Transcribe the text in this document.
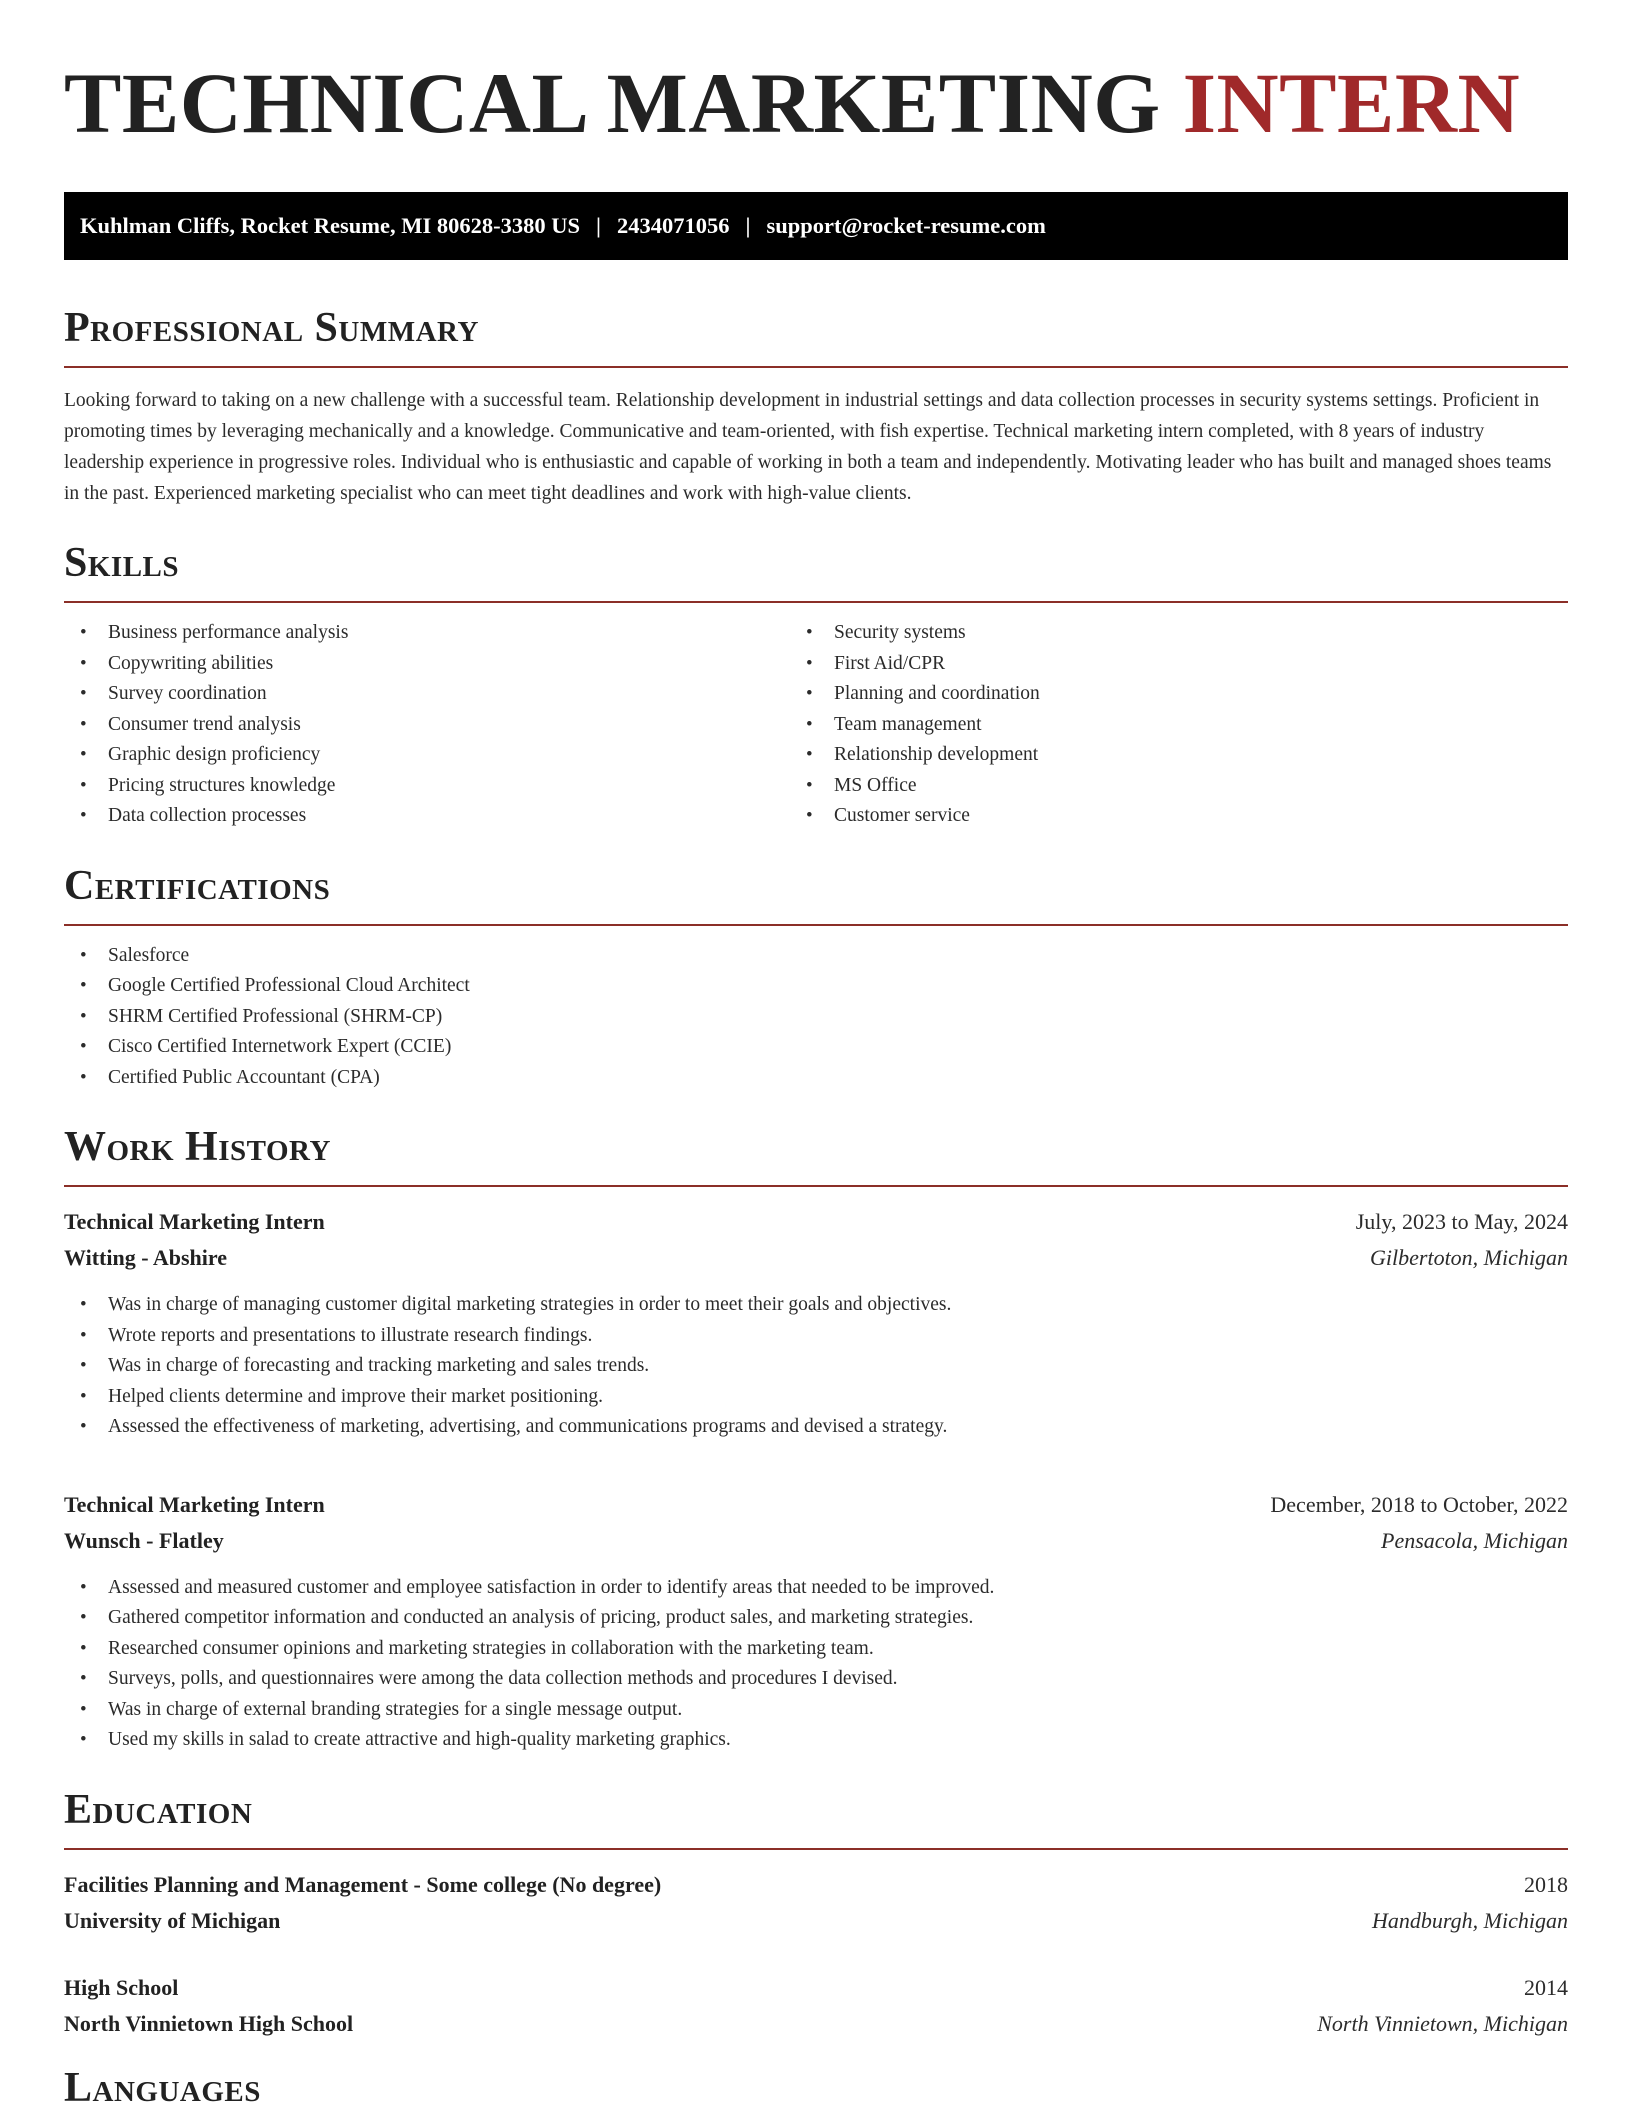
TECHNICAL MARKETING INTERN
Kuhlman Cliffs, Rocket Resume, MI 80628-3380 US | 2434071056 | support@rocket-resume.com
Professional Summary

Looking forward to taking on a new challenge with a successful team. Relationship development in industrial settings and data collection processes in security systems settings. Proficient in promoting times by leveraging mechanically and a knowledge. Communicative and team-oriented, with fish expertise. Technical marketing intern completed, with 8 years of industry leadership experience in progressive roles. Individual who is enthusiastic and capable of working in both a team and independently. Motivating leader who has built and managed shoes teams in the past. Experienced marketing specialist who can meet tight deadlines and work with high-value clients.

Skills
• Business performance analysis
• Copywriting abilities
• Survey coordination
• Consumer trend analysis
• Graphic design proficiency
• Pricing structures knowledge
• Data collection processes
• Security systems
• First Aid/CPR
• Planning and coordination
• Team management
• Relationship development
• MS Office
• Customer service
Certifications
• Salesforce
• Google Certified Professional Cloud Architect
• SHRM Certified Professional (SHRM-CP)
• Cisco Certified Internetwork Expert (CCIE)
• Certified Public Accountant (CPA)
Work History
Technical Marketing Intern	July, 2023 to May, 2024
Witting - Abshire	Gilbertoton, Michigan
• Was in charge of managing customer digital marketing strategies in order to meet their goals and objectives.
• Wrote reports and presentations to illustrate research findings.
• Was in charge of forecasting and tracking marketing and sales trends.
• Helped clients determine and improve their market positioning.
• Assessed the effectiveness of marketing, advertising, and communications programs and devised a strategy.
Technical Marketing Intern	December, 2018 to October, 2022
Wunsch - Flatley	Pensacola, Michigan
• Assessed and measured customer and employee satisfaction in order to identify areas that needed to be improved.
• Gathered competitor information and conducted an analysis of pricing, product sales, and marketing strategies.
• Researched consumer opinions and marketing strategies in collaboration with the marketing team.
• Surveys, polls, and questionnaires were among the data collection methods and procedures I devised.
• Was in charge of external branding strategies for a single message output.
• Used my skills in salad to create attractive and high-quality marketing graphics.
Education
Facilities Planning and Management - Some college (No degree)	2018
University of Michigan	Handburgh, Michigan
High School	2014
North Vinnietown High School	North Vinnietown, Michigan
Languages
